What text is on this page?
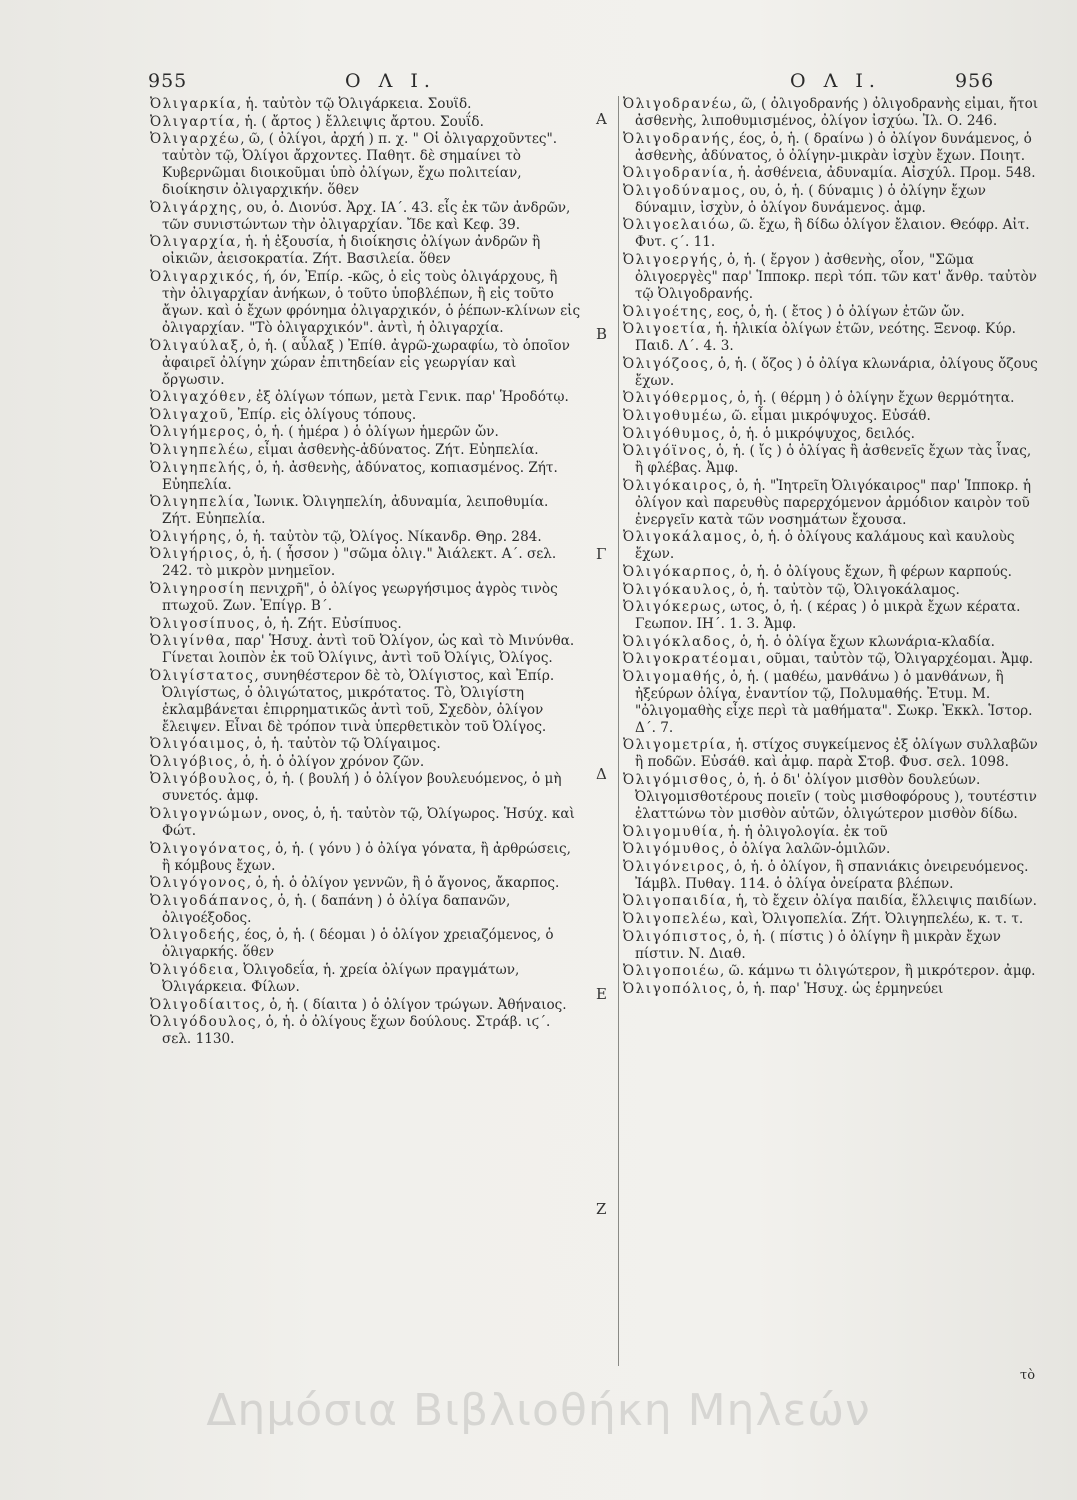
955	Ο Λ Ι.	Ο Λ Ι.	956

Ὀλιγαρκία, ἡ. ταὐτὸν τῷ Ὀλιγάρκεια. Σουΐδ.

Ὀλιγαρτία, ἡ. ( ἄρτος ) ἔλλειψις ἄρτου. Σουΐδ.

Ὀλιγαρχέω, ῶ, ( ὀλίγοι, ἀρχή ) π. χ. " Οἱ ὀλιγαρχοῦντες". ταὐτὸν τῷ, Ὀλίγοι ἄρχοντες. Παθητ. δὲ σημαίνει τὸ Κυβερνῶμαι διοικοῦμαι ὑπὸ ὀλίγων, ἔχω πολιτείαν, διοίκησιν ὀλιγαρχικήν. ὅθεν

Ὀλιγάρχης, ου, ὁ. Διονύσ. Ἀρχ. ΙΑ΄. 43. εἷς ἐκ τῶν ἀνδρῶν, τῶν συνιστώντων τὴν ὀλιγαρχίαν. Ἴδε καὶ Κεφ. 39.

Ὀλιγαρχία, ἡ. ἡ ἐξουσία, ἡ διοίκησις ὀλίγων ἀνδρῶν ἢ οἰκιῶν, ἀεισοκρατία. Ζήτ. Βασιλεία. ὅθεν

Ὀλιγαρχικός, ή, όν, Ἐπίρ. -κῶς, ὁ εἰς τοὺς ὀλιγάρχους, ἢ τὴν ὀλιγαρχίαν ἀνήκων, ὁ τοῦτο ὑποβλέπων, ἢ εἰς τοῦτο ἄγων. καὶ ὁ ἔχων φρόνημα ὀλιγαρχικόν, ὁ ῥέπων-κλίνων εἰς ὀλιγαρχίαν. "Τὸ ὀλιγαρχικόν". ἀντὶ, ἡ ὀλιγαρχία.

Ὀλιγαύλαξ, ὁ, ἡ. ( αὖλαξ ) Ἐπίθ. ἀγρῶ-χωραφίω, τὸ ὁποῖον ἀφαιρεῖ ὀλίγην χώραν ἐπιτηδείαν εἰς γεωργίαν καὶ ὄργωσιν.

Ὀλιγαχόθεν, ἐξ ὀλίγων τόπων, μετὰ Γενικ. παρ' Ἡροδότῳ.

Ὀλιγαχοῦ, Ἐπίρ. εἰς ὀλίγους τόπους.

Ὀλιγήμερος, ὁ, ἡ. ( ἡμέρα ) ὁ ὀλίγων ἡμερῶν ὤν.

Ὀλιγηπελέω, εἶμαι ἀσθενὴς-ἀδύνατος. Ζήτ. Εὐηπελία.

Ὀλιγηπελής, ὁ, ἡ. ἀσθενὴς, ἀδύνατος, κοπιασμένος. Ζήτ. Εὐηπελία.

Ὀλιγηπελία, Ἰωνικ. Ὀλιγηπελίη, ἀδυναμία, λειποθυμία. Ζήτ. Εὐηπελία.

Ὀλιγήρης, ὁ, ἡ. ταὐτὸν τῷ, Ὀλίγος. Νίκανδρ. Θηρ. 284.

Ὀλιγήριος, ὁ, ἡ. ( ἧσσον ) "σῶμα ὀλιγ." Ἀιάλεκτ. Α΄. σελ. 242. τὸ μικρὸν μνημεῖον.

Ὀλιγηροσίη πενιχρῆ", ὁ ὀλίγος γεωργήσιμος ἀγρὸς τινὸς πτωχοῦ. Ζων. Ἐπίγρ. Β΄.

Ὀλιγοσίπυος, ὁ, ἡ. Ζήτ. Εὐσίπυος.

Ὀλιγίνθα, παρ' Ἡσυχ. ἀντὶ τοῦ Ὀλίγον, ὡς καὶ τὸ Μινύνθα. Γίνεται λοιπὸν ἐκ τοῦ Ὀλίγινς, ἀντὶ τοῦ Ὀλίγις, Ὀλίγος.

Ὀλιγίστατος, συνηθέστερον δὲ τὸ, Ὀλίγιστος, καὶ Ἐπίρ. Ὀλιγίστως, ὁ ὀλιγώτατος, μικρότατος. Τὸ, Ὀλιγίστη ἐκλαμβάνεται ἐπιρρηματικῶς ἀντὶ τοῦ, Σχεδὸν, ὀλίγον ἔλειψεν. Εἶναι δὲ τρόπον τινὰ ὑπερθετικὸν τοῦ Ὀλίγος.

Ὀλιγόαιμος, ὁ, ἡ. ταὐτὸν τῷ Ὀλίγαιμος.

Ὀλιγόβιος, ὁ, ἡ. ὁ ὀλίγον χρόνον ζῶν.

Ὀλιγόβουλος, ὁ, ἡ. ( βουλή ) ὁ ὀλίγον βουλευόμενος, ὁ μὴ συνετός. ἀμφ.

Ὀλιγογνώμων, ονος, ὁ, ἡ. ταὐτὸν τῷ, Ὀλίγωρος. Ἡσύχ. καὶ Φώτ.

Ὀλιγογόνατος, ὁ, ἡ. ( γόνυ ) ὁ ὀλίγα γόνατα, ἢ ἀρθρώσεις, ἢ κόμβους ἔχων.

Ὀλιγόγονος, ὁ, ἡ. ὁ ὀλίγον γεννῶν, ἢ ὁ ἄγονος, ἄκαρπος.

Ὀλιγοδάπανος, ὁ, ἡ. ( δαπάνη ) ὁ ὀλίγα δαπανῶν, ὀλιγοέξοδος.

Ὀλιγοδεής, έος, ὁ, ἡ. ( δέομαι ) ὁ ὀλίγον χρειαζόμενος, ὁ ὀλιγαρκής. ὅθεν

Ὀλιγόδεια, Ὀλιγοδεΐα, ἡ. χρεία ὀλίγων πραγμάτων, Ὀλιγάρκεια. Φίλων.

Ὀλιγοδίαιτος, ὁ, ἡ. ( δίαιτα ) ὁ ὀλίγον τρώγων. Ἀθήναιος.

Ὀλιγόδουλος, ὁ, ἡ. ὁ ὀλίγους ἔχων δούλους. Στράβ. ιϛ΄. σελ. 1130.

Ὀλιγοδρανέω, ῶ, ( ὀλιγοδρανής ) ὀλιγοδρανὴς εἶμαι, ἤτοι ἀσθενὴς, λιποθυμισμένος, ὀλίγον ἰσχύω. Ἰλ. Ο. 246.

Ὀλιγοδρανής, έος, ὁ, ἡ. ( δραίνω ) ὁ ὀλίγον δυνάμενος, ὁ ἀσθενὴς, ἀδύνατος, ὁ ὀλίγην-μικρὰν ἰσχὺν ἔχων. Ποιητ.

Ὀλιγοδρανία, ἡ. ἀσθένεια, ἀδυναμία. Αἰσχύλ. Προμ. 548.

Ὀλιγοδύναμος, ου, ὁ, ἡ. ( δύναμις ) ὁ ὀλίγην ἔχων δύναμιν, ἰσχὺν, ὁ ὀλίγον δυνάμενος. ἀμφ.

Ὀλιγοελαιόω, ῶ. ἔχω, ἢ δίδω ὀλίγον ἔλαιον. Θεόφρ. Αἰτ. Φυτ. ϛ΄. 11.

Ὀλιγοεργής, ὁ, ἡ. ( ἔργον ) ἀσθενὴς, οἷον, "Σῶμα ὀλιγοεργὲς" παρ' Ἱπποκρ. περὶ τόπ. τῶν κατ' ἄνθρ. ταὐτὸν τῷ Ὀλιγοδρανής.

Ὀλιγοέτης, εος, ὁ, ἡ. ( ἔτος ) ὁ ὀλίγων ἐτῶν ὤν.

Ὀλιγοετία, ἡ. ἡλικία ὀλίγων ἐτῶν, νεότης. Ξενοφ. Κύρ. Παιδ. Λ΄. 4. 3.

Ὀλιγόζοος, ὁ, ἡ. ( ὄζος ) ὁ ὀλίγα κλωνάρια, ὀλίγους ὄζους ἔχων.

Ὀλιγόθερμος, ὁ, ἡ. ( θέρμη ) ὁ ὀλίγην ἔχων θερμότητα.

Ὀλιγοθυμέω, ῶ. εἶμαι μικρόψυχος. Εὐσάθ.

Ὀλιγόθυμος, ὁ, ἡ. ὁ μικρόψυχος, δειλός.

Ὀλιγόϊνος, ὁ, ἡ. ( ἴς ) ὁ ὀλίγας ἢ ἀσθενεῖς ἔχων τὰς ἶνας, ἢ φλέβας. Ἀμφ.

Ὀλιγόκαιρος, ὁ, ἡ. "Ἰητρεῖη Ὀλιγόκαιρος" παρ' Ἱπποκρ. ἡ ὀλίγον καὶ παρευθὺς παρερχόμενον ἀρμόδιον καιρὸν τοῦ ἐνεργεῖν κατὰ τῶν νοσημάτων ἔχουσα.

Ὀλιγοκάλαμος, ὁ, ἡ. ὁ ὀλίγους καλάμους καὶ καυλοὺς ἔχων.

Ὀλιγόκαρπος, ὁ, ἡ. ὁ ὀλίγους ἔχων, ἢ φέρων καρπούς.

Ὀλιγόκαυλος, ὁ, ἡ. ταὐτὸν τῷ, Ὀλιγοκάλαμος.

Ὀλιγόκερως, ωτος, ὁ, ἡ. ( κέρας ) ὁ μικρὰ ἔχων κέρατα. Γεωπον. ΙΗ΄. 1. 3. Ἀμφ.

Ὀλιγόκλαδος, ὁ, ἡ. ὁ ὀλίγα ἔχων κλωνάρια-κλαδία.

Ὀλιγοκρατέομαι, οῦμαι, ταὐτὸν τῷ, Ὀλιγαρχέομαι. Ἀμφ.

Ὀλιγομαθής, ὁ, ἡ. ( μαθέω, μανθάνω ) ὁ μανθάνων, ἢ ἠξεύρων ὀλίγα, ἐναντίον τῷ, Πολυμαθής. Ἐτυμ. Μ. "ὀλιγομαθὴς εἶχε περὶ τὰ μαθήματα". Σωκρ. Ἐκκλ. Ἱστορ. Δ΄. 7.

Ὀλιγομετρία, ἡ. στίχος συγκείμενος ἐξ ὀλίγων συλλαβῶν ἢ ποδῶν. Εὐσάθ. καὶ ἀμφ. παρὰ Στοβ. Φυσ. σελ. 1098.

Ὀλιγόμισθος, ὁ, ἡ. ὁ δι' ὀλίγον μισθὸν δουλεύων. Ὀλιγομισθοτέρους ποιεῖν ( τοὺς μισθοφόρους ), τουτέστιν ἐλαττώνω τὸν μισθὸν αὐτῶν, ὀλιγώτερον μισθὸν δίδω.

Ὀλιγομυθία, ἡ. ἡ ὀλιγολογία. ἐκ τοῦ

Ὀλιγόμυθος, ὁ ὀλίγα λαλῶν-ὁμιλῶν.

Ὀλιγόνειρος, ὁ, ἡ. ὁ ὀλίγον, ἢ σπανιάκις ὀνειρευόμενος. Ἰάμβλ. Πυθαγ. 114. ὁ ὀλίγα ὀνείρατα βλέπων.

Ὀλιγοπαιδία, ἡ, τὸ ἔχειν ὀλίγα παιδία, ἔλλειψις παιδίων.

Ὀλιγοπελέω, καὶ, Ὀλιγοπελία. Ζήτ. Ὀλιγηπελέω, κ. τ. τ.

Ὀλιγόπιστος, ὁ, ἡ. ( πίστις ) ὁ ὀλίγην ἢ μικρὰν ἔχων πίστιν. Ν. Διαθ.

Ὀλιγοποιέω, ῶ. κάμνω τι ὀλιγώτερον, ἢ μικρότερον. ἀμφ.

Ὀλιγοπόλιος, ὁ, ἡ. παρ' Ἡσυχ. ὡς ἑρμηνεύει

Α
Β
Γ
Δ
Ε
Ζ
τὸ
Δημόσια Βιβλιοθήκη Μηλεών
